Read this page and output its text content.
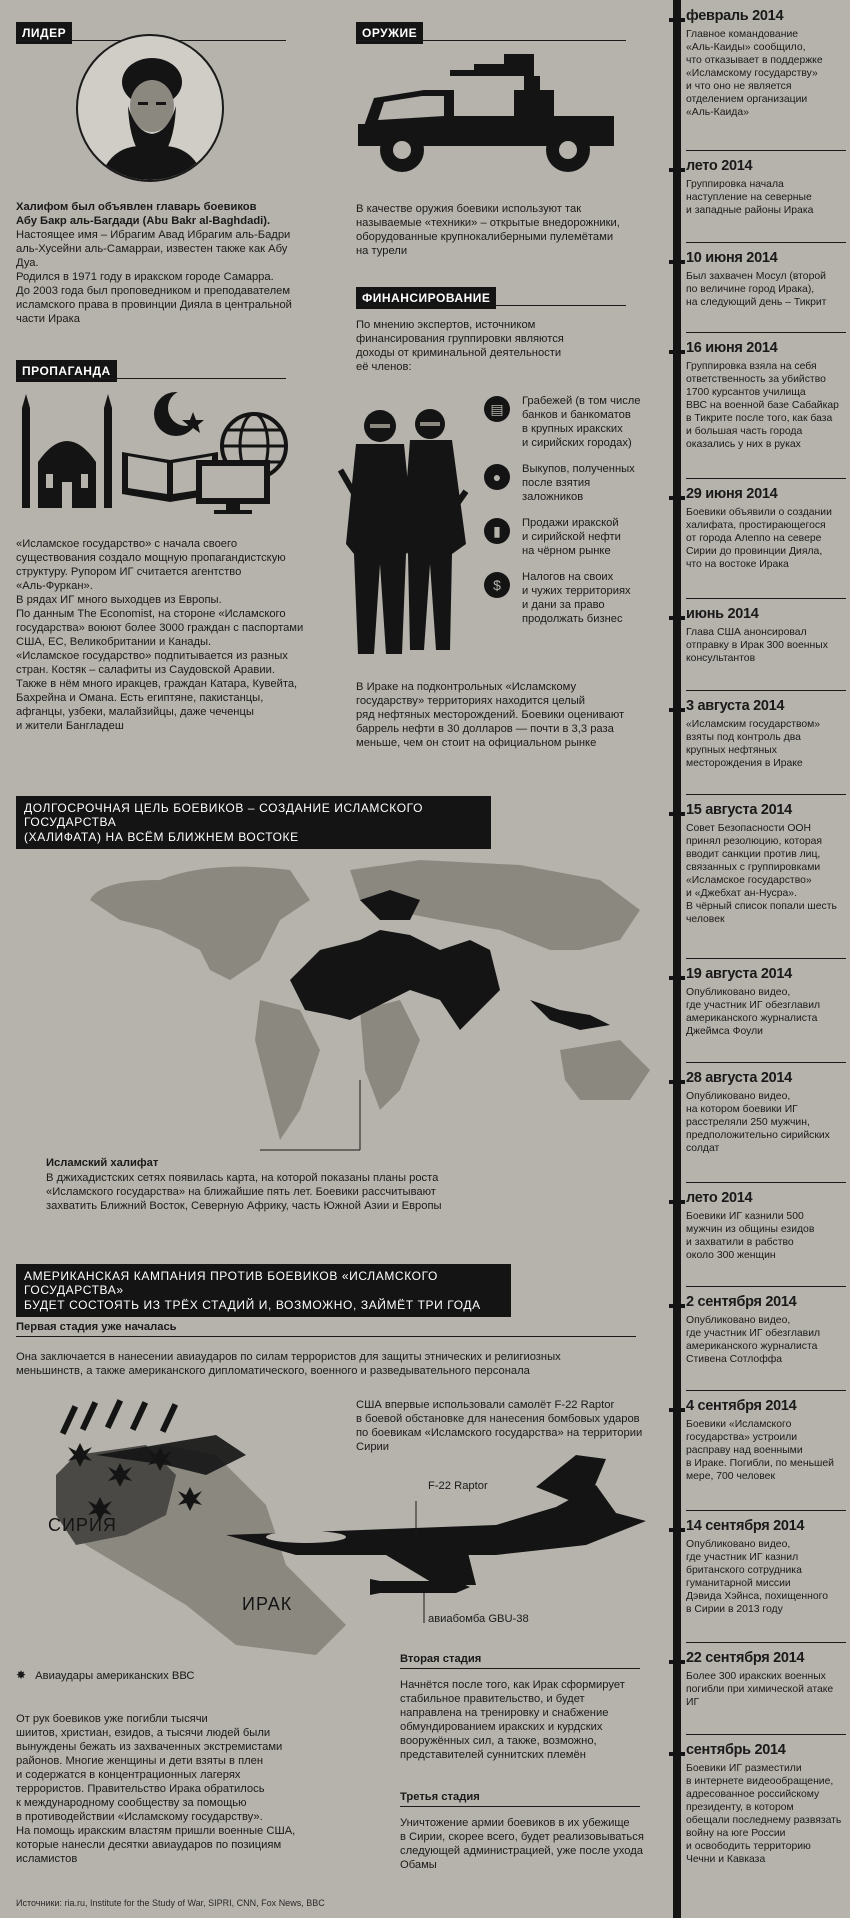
ЛИДЕР
Халифом был объявлен главарь боевиков
Абу Бакр аль-Багдади (Abu Bakr al-Baghdadi).
Настоящее имя – Ибрагим Авад Ибрагим аль-Бадри
аль-Хусейни аль-Самаррaи, известен также как Абу Дуа.
Родился в 1971 году в иракском городе Самарра.
До 2003 года был проповедником и преподавателем
исламского права в провинции Дияла в центральной
части Ирака
ПРОПАГАНДА
«Исламское государство» с начала своего
существования создало мощную пропагандистскую
структуру. Рупором ИГ считается агентство
«Аль-Фуркан».
В рядах ИГ много выходцев из Европы.
По данным The Economist, на стороне «Исламского
государства» воюют более 3000 граждан с паспортами
США, ЕС, Великобритании и Канады.
«Исламское государство» подпитывается из разных
стран. Костяк – салафиты из Саудовской Аравии.
Также в нём много иракцев, граждан Катара, Кувейта,
Бахрейна и Омана. Есть египтяне, пакистанцы,
афганцы, узбеки, малайзийцы, даже чеченцы
и жители Бангладеш
ОРУЖИЕ
В качестве оружия боевики используют так
называемые «техники» – открытые внедорожники,
оборудованные крупнокалиберными пулемётами
на турели
ФИНАНСИРОВАНИЕ
По мнению экспертов, источником
финансирования группировки являются
доходы от криминальной деятельности
её членов:
▤	Грабежей (в том числе
банков и банкоматов
в крупных иракских
и сирийских городах)
●	Выкупов, полученных
после взятия
заложников
▮	Продажи иракской
и сирийской нефти
на чёрном рынке
$	Налогов на своих
и чужих территориях
и дани за право
продолжать бизнес
В Ираке на подконтрольных «Исламскому
государству» территориях находится целый
ряд нефтяных месторождений. Боевики оценивают
баррель нефти в 30 долларов — почти в 3,3 раза
меньше, чем он стоит на официальном рынке
ДОЛГОСРОЧНАЯ ЦЕЛЬ БОЕВИКОВ – СОЗДАНИЕ ИСЛАМСКОГО ГОСУДАРСТВА
(ХАЛИФАТА) НА ВСЁМ БЛИЖНЕМ ВОСТОКЕ
Исламский халифат
В джихадистских сетях появилась карта, на которой показаны планы роста
«Исламского государства» на ближайшие пять лет. Боевики рассчитывают
захватить Ближний Восток, Северную Африку, часть Южной Азии и Европы
АМЕРИКАНСКАЯ КАМПАНИЯ ПРОТИВ БОЕВИКОВ «ИСЛАМСКОГО ГОСУДАРСТВА»
БУДЕТ СОСТОЯТЬ ИЗ ТРЁХ СТАДИЙ И, ВОЗМОЖНО, ЗАЙМЁТ ТРИ ГОДА
Первая стадия уже началась
Она заключается в нанесении авиаударов по силам террористов для защиты этнических и религиозных
меньшинств, а также американского дипломатического, военного и разведывательного персонала
США впервые использовали самолёт F-22 Raptor
в боевой обстановке для нанесения бомбовых ударов
по боевикам «Исламского государства» на территории
Сирии
F-22 Raptor
авиабомба GBU-38
СИРИЯ
ИРАК
✸ Авиаудары американских ВВС
От рук боевиков уже погибли тысячи
шиитов, христиан, езидов, а тысячи людей были
вынуждены бежать из захваченных экстремистами
районов. Многие женщины и дети взяты в плен
и содержатся в концентрационных лагерях
террористов. Правительство Ирака обратилось
к международному сообществу за помощью
в противодействии «Исламскому государству».
На помощь иракским властям пришли военные США,
которые нанесли десятки авиаударов по позициям
исламистов
Вторая стадия
Начнётся после того, как Ирак сформирует
стабильное правительство, и будет
направлена на тренировку и снабжение
обмундированием иракских и курдских
вооружённых сил, а также, возможно,
представителей суннитских племён
Третья стадия
Уничтожение армии боевиков в их убежище
в Сирии, скорее всего, будет реализовываться
следующей администрацией, уже после ухода
Обамы
Источники: ria.ru, Institute for the Study of War, SIPRI, CNN, Fox News, BBC
февраль 2014
Главное командование
«Аль-Каиды» сообщило,
что отказывает в поддержке
«Исламскому государству»
и что оно не является
отделением организации
«Аль-Каида»
лето 2014
Группировка начала
наступление на северные
и западные районы Ирака
10 июня 2014
Был захвачен Мосул (второй
по величине город Ирака),
на следующий день – Тикрит
16 июня 2014
Группировка взяла на себя
ответственность за убийство
1700 курсантов училища
ВВС на военной базе Сабайкар
в Тикрите после того, как база
и большая часть города
оказались у них в руках
29 июня 2014
Боевики объявили о создании
халифата, простирающегося
от города Алеппо на севере
Сирии до провинции Дияла,
что на востоке Ирака
июнь 2014
Глава США анонсировал
отправку в Ирак 300 военных
консультантов
3 августа 2014
«Исламским государством»
взяты под контроль два
крупных нефтяных
месторождения в Ираке
15 августа 2014
Совет Безопасности ООН
принял резолюцию, которая
вводит санкции против лиц,
связанных с группировками
«Исламское государство»
и «Джебхат ан-Нусра».
В чёрный список попали шесть
человек
19 августа 2014
Опубликовано видео,
где участник ИГ обезглавил
американского журналиста
Джеймса Фоули
28 августа 2014
Опубликовано видео,
на котором боевики ИГ
расстреляли 250 мужчин,
предположительно сирийских
солдат
лето 2014
Боевики ИГ казнили 500
мужчин из общины езидов
и захватили в рабство
около 300 женщин
2 сентября 2014
Опубликовано видео,
где участник ИГ обезглавил
американского журналиста
Стивена Сотлоффа
4 сентября 2014
Боевики «Исламского
государства» устроили
расправу над военными
в Ираке. Погибли, по меньшей
мере, 700 человек
14 сентября 2014
Опубликовано видео,
где участник ИГ казнил
британского сотрудника
гуманитарной миссии
Дэвида Хэйнса, похищенного
в Сирии в 2013 году
22 сентября 2014
Более 300 иракских военных
погибли при химической атаке
ИГ
сентябрь 2014
Боевики ИГ разместили
в интернете видеообращение,
адресованное российскому
президенту, в котором
обещали последнему развязать
войну на юге России
и освободить территорию
Чечни и Кавказа
